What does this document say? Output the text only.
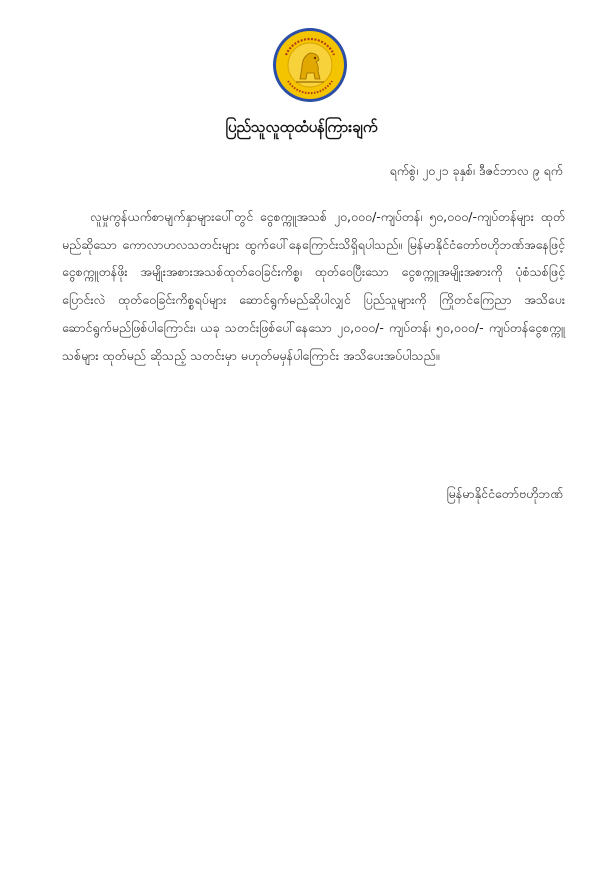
ပြည်သူလူထုထံပန်ကြားချက်
ရက်စွဲ၊ ၂၀၂၁ ခုနှစ်၊ ဒီဇင်ဘာလ ၉ ရက်

လူမှုကွန်ယက်စာမျက်နှာများပေါ်တွင် ငွေစက္ကူအသစ် ၂၀,၀၀၀/-ကျပ်တန်၊ ၅၀,၀၀၀/-ကျပ်တန်များ ထုတ်မည်ဆိုသော ကောလာဟလသတင်းများ ထွက်ပေါ်နေကြောင်းသိရှိရပါသည်။ မြန်မာနိုင်ငံတော်ဗဟိုဘဏ်အနေဖြင့် ငွေစက္ကူတန်ဖိုး အမျိုးအစားအသစ်ထုတ်ဝေခြင်းကိစ္စ၊ ထုတ်ဝေပြီးသော ငွေစက္ကူအမျိုးအစားကို ပုံစံသစ်ဖြင့် ပြောင်းလဲ ထုတ်ဝေခြင်းကိစ္စရပ်များ ဆောင်ရွက်မည်ဆိုပါလျှင် ပြည်သူများကို ကြိုတင်ကြေညာ အသိပေးဆောင်ရွက်မည်ဖြစ်ပါကြောင်း၊ ယခု သတင်းဖြစ်ပေါ်နေသော ၂၀,၀၀၀/- ကျပ်တန်၊ ၅၀,၀၀၀/- ကျပ်တန်ငွေစက္ကူသစ်များ ထုတ်မည် ဆိုသည့် သတင်းမှာ မဟုတ်မမှန်ပါကြောင်း အသိပေးအပ်ပါသည်။

မြန်မာနိုင်ငံတော်ဗဟိုဘဏ်
